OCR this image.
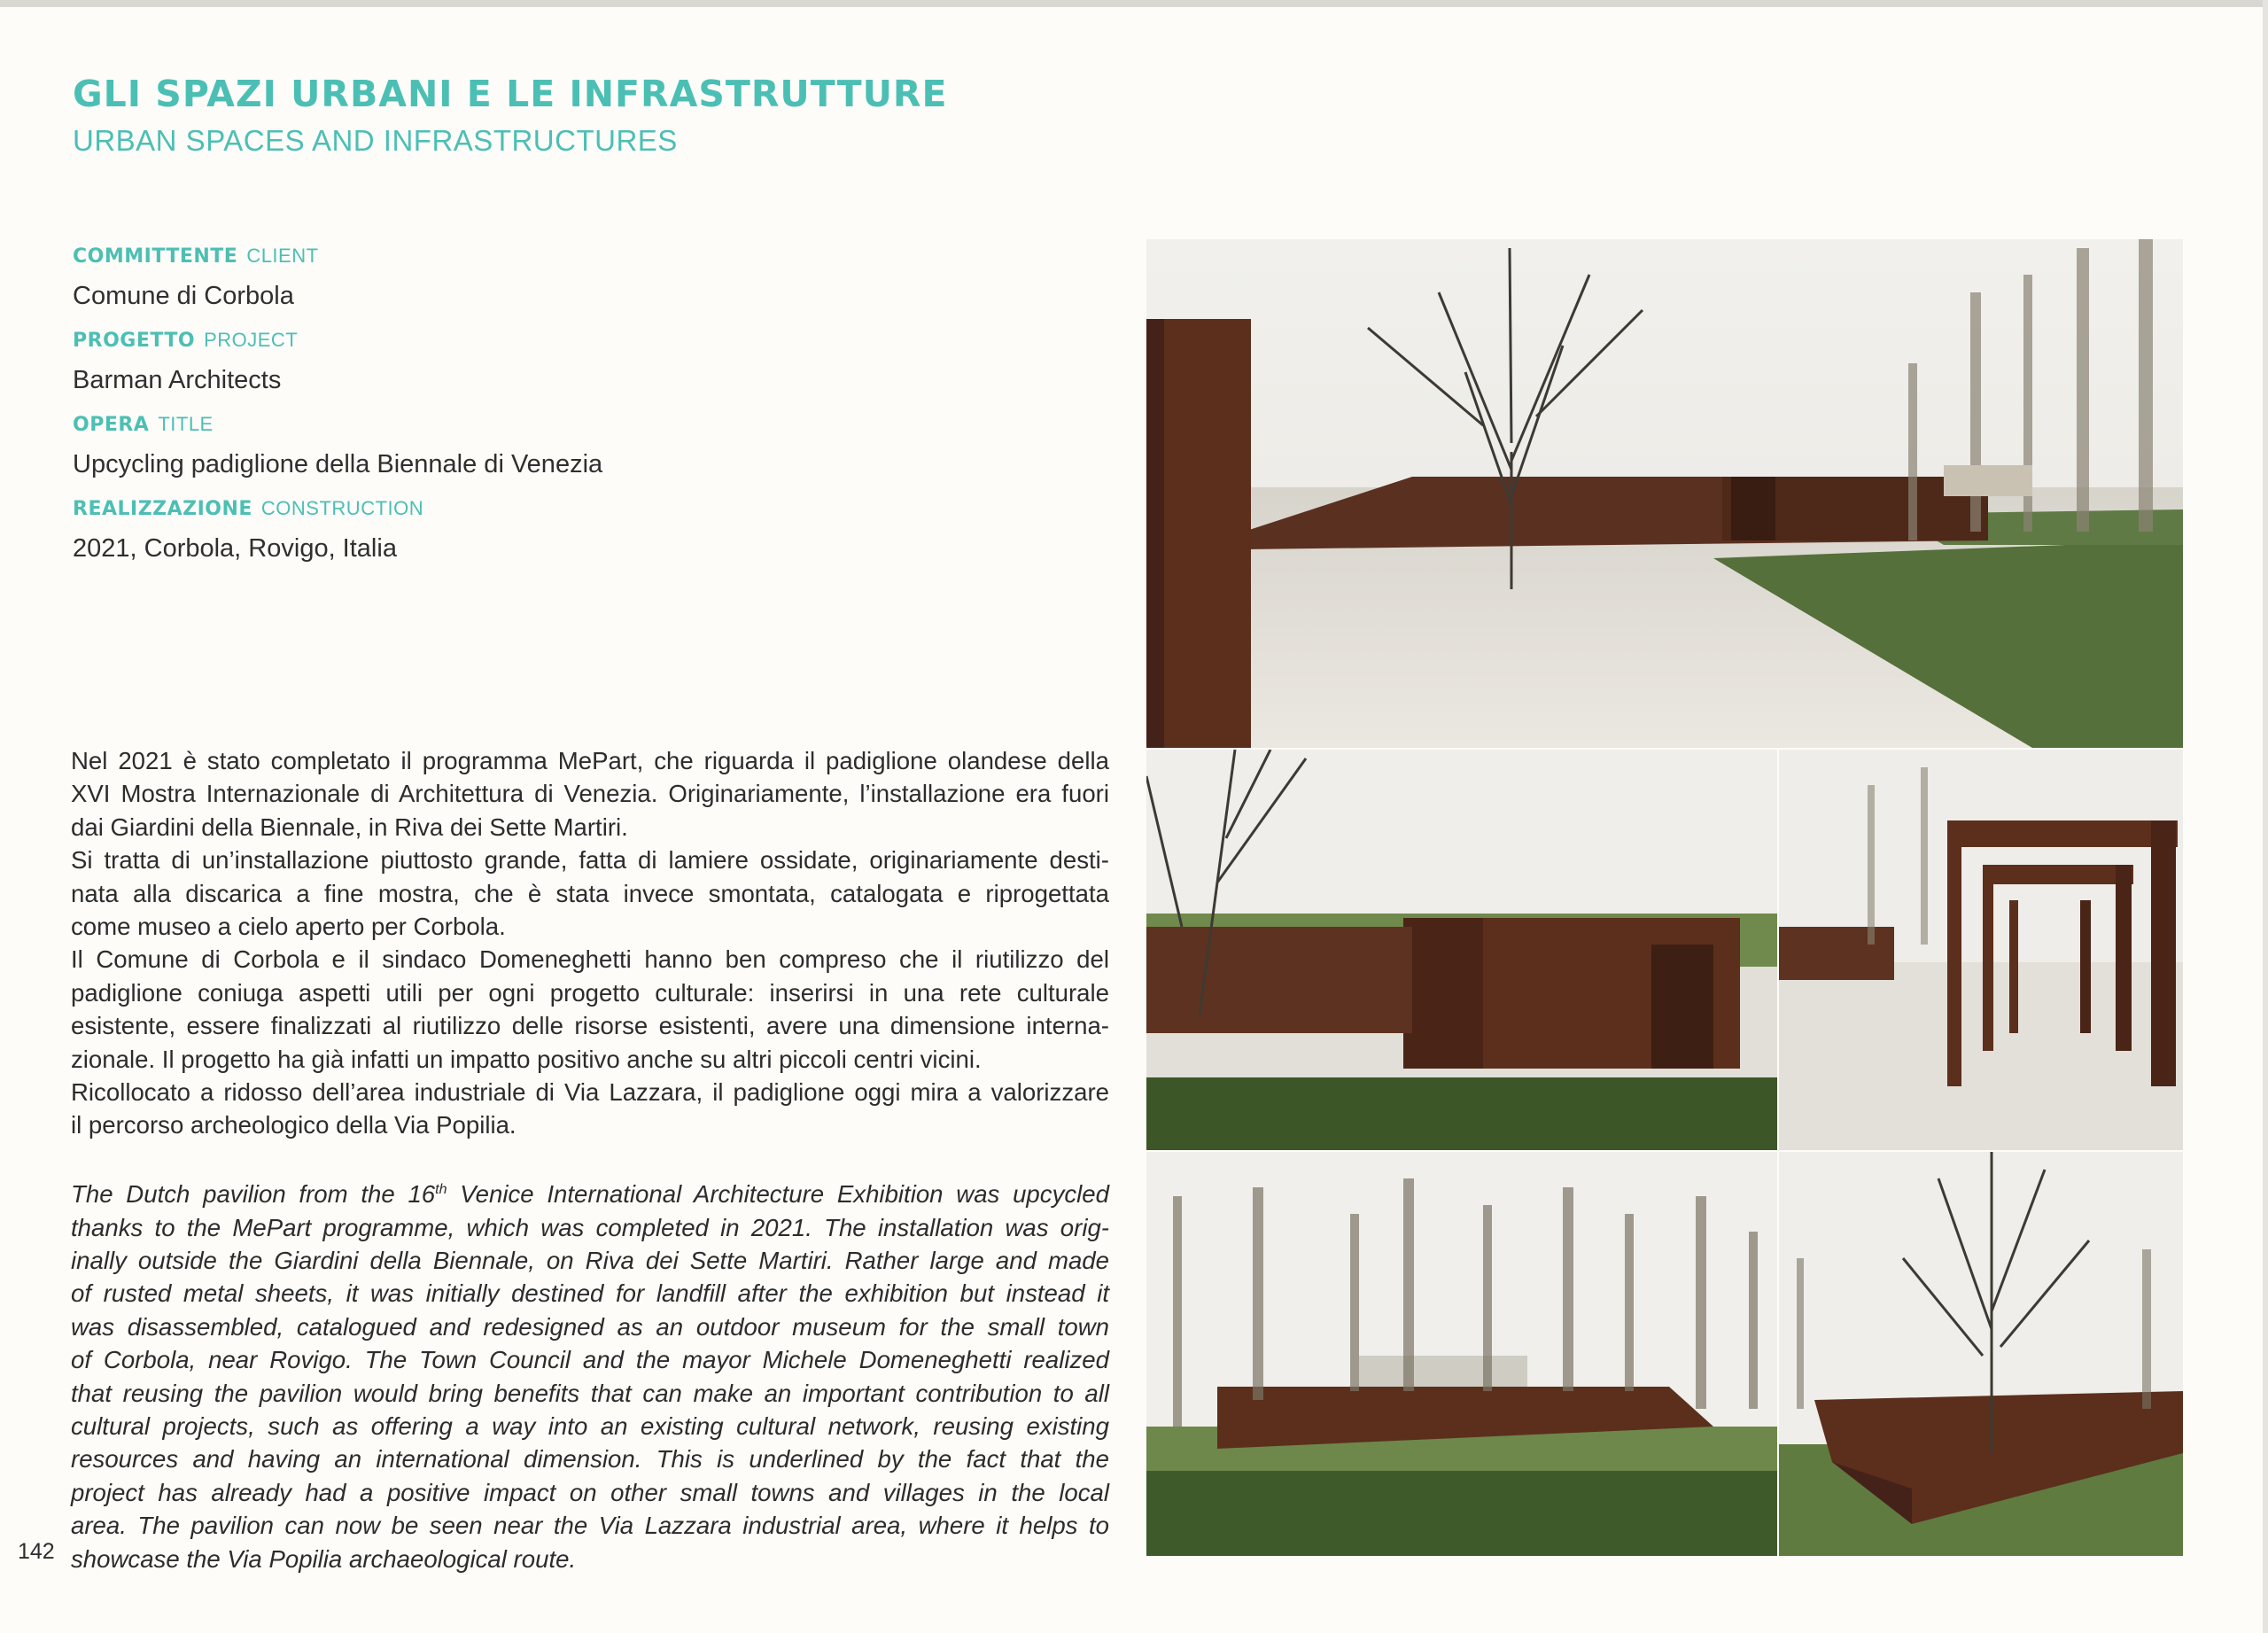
GLI SPAZI URBANI E LE INFRASTRUTTURE
URBAN SPACES AND INFRASTRUCTURES
COMMITTENTE CLIENT
Comune di Corbola
PROGETTO PROJECT
Barman Architects
OPERA TITLE
Upcycling padiglione della Biennale di Venezia
REALIZZAZIONE CONSTRUCTION
2021, Corbola, Rovigo, Italia
Nel 2021 è stato completato il programma MePart, che riguarda il padiglione olandese della
XVI Mostra Internazionale di Architettura di Venezia. Originariamente, l’installazione era fuori
dai Giardini della Biennale, in Riva dei Sette Martiri.
Si tratta di un’installazione piuttosto grande, fatta di lamiere ossidate, originariamente desti-
nata alla discarica a fine mostra, che è stata invece smontata, catalogata e riprogettata
come museo a cielo aperto per Corbola.
Il Comune di Corbola e il sindaco Domeneghetti hanno ben compreso che il riutilizzo del
padiglione coniuga aspetti utili per ogni progetto culturale: inserirsi in una rete culturale
esistente, essere finalizzati al riutilizzo delle risorse esistenti, avere una dimensione interna-
zionale. Il progetto ha già infatti un impatto positivo anche su altri piccoli centri vicini.
Ricollocato a ridosso dell’area industriale di Via Lazzara, il padiglione oggi mira a valorizzare
il percorso archeologico della Via Popilia.
The Dutch pavilion from the 16th Venice International Architecture Exhibition was upcycled
thanks to the MePart programme, which was completed in 2021. The installation was orig-
inally outside the Giardini della Biennale, on Riva dei Sette Martiri. Rather large and made
of rusted metal sheets, it was initially destined for landfill after the exhibition but instead it
was disassembled, catalogued and redesigned as an outdoor museum for the small town
of Corbola, near Rovigo. The Town Council and the mayor Michele Domeneghetti realized
that reusing the pavilion would bring benefits that can make an important contribution to all
cultural projects, such as offering a way into an existing cultural network, reusing existing
resources and having an international dimension. This is underlined by the fact that the
project has already had a positive impact on other small towns and villages in the local
area. The pavilion can now be seen near the Via Lazzara industrial area, where it helps to
showcase the Via Popilia archaeological route.
142
